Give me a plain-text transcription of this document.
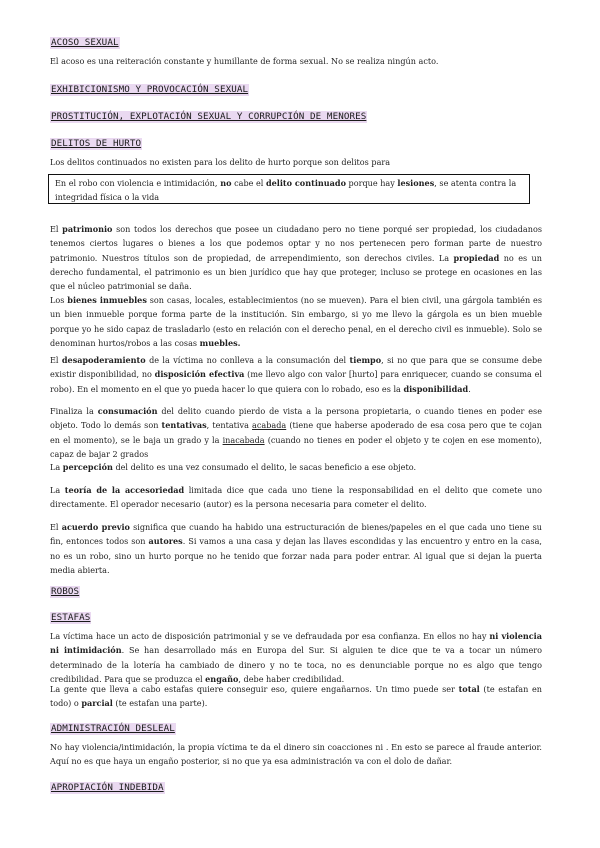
ACOSO SEXUAL

El acoso es una reiteración constante y humillante de forma sexual. No se realiza ningún acto.

EXHIBICIONISMO Y PROVOCACIÓN SEXUAL
PROSTITUCIÓN, EXPLOTACIÓN SEXUAL Y CORRUPCIÓN DE MENORES
DELITOS DE HURTO

Los delitos continuados no existen para los delito de hurto porque son delitos para

En el robo con violencia e intimidación, no cabe el delito continuado porque hay lesiones, se atenta contra la integridad física o la vida

El patrimonio son todos los derechos que posee un ciudadano pero no tiene porqué ser propiedad, los ciudadanos tenemos ciertos lugares o bienes a los que podemos optar y no nos pertenecen pero forman parte de nuestro patrimonio. Nuestros títulos son de propiedad, de arrependimiento, son derechos civiles. La propiedad no es un derecho fundamental, el patrimonio es un bien jurídico que hay que proteger, incluso se protege en ocasiones en las que el núcleo patrimonial se daña.

Los bienes inmuebles son casas, locales, establecimientos (no se mueven). Para el bien civil, una gárgola también es un bien inmueble porque forma parte de la institución. Sin embargo, si yo me llevo la gárgola es un bien mueble porque yo he sido capaz de trasladarlo (esto en relación con el derecho penal, en el derecho civil es inmueble). Solo se denominan hurtos/robos a las cosas muebles.

El desapoderamiento de la víctima no conlleva a la consumación del tiempo, si no que para que se consume debe existir disponibilidad, no disposición efectiva (me llevo algo con valor [hurto] para enriquecer, cuando se consuma el robo). En el momento en el que yo pueda hacer lo que quiera con lo robado, eso es la disponibilidad.

Finaliza la consumación del delito cuando pierdo de vista a la persona propietaria, o cuando tienes en poder ese objeto. Todo lo demás son tentativas, tentativa acabada (tiene que haberse apoderado de esa cosa pero que te cojan en el momento), se le baja un grado y la inacabada (cuando no tienes en poder el objeto y te cojen en ese momento), capaz de bajar 2 grados

La percepción del delito es una vez consumado el delito, le sacas beneficio a ese objeto.

La teoría de la accesoriedad limitada dice que cada uno tiene la responsabilidad en el delito que comete uno directamente. El operador necesario (autor) es la persona necesaria para cometer el delito.

El acuerdo previo significa que cuando ha habido una estructuración de bienes/papeles en el que cada uno tiene su fin, entonces todos son autores. Si vamos a una casa y dejan las llaves escondidas y las encuentro y entro en la casa, no es un robo, sino un hurto porque no he tenido que forzar nada para poder entrar. Al igual que si dejan la puerta media abierta.

ROBOS
ESTAFAS

La víctima hace un acto de disposición patrimonial y se ve defraudada por esa confianza. En ellos no hay ni violencia ni intimidación. Se han desarrollado más en Europa del Sur. Si alguien te dice que te va a tocar un número determinado de la lotería ha cambiado de dinero y no te toca, no es denunciable porque no es algo que tengo credibilidad. Para que se produzca el engaño, debe haber credibilidad.

La gente que lleva a cabo estafas quiere conseguir eso, quiere engañarnos. Un timo puede ser total (te estafan en todo) o parcial (te estafan una parte).

ADMINISTRACIÓN DESLEAL

No hay violencia/intimidación, la propia víctima te da el dinero sin coacciones ni . En esto se parece al fraude anterior. Aquí no es que haya un engaño posterior, si no que ya esa administración va con el dolo de dañar.

APROPIACIÓN INDEBIDA
